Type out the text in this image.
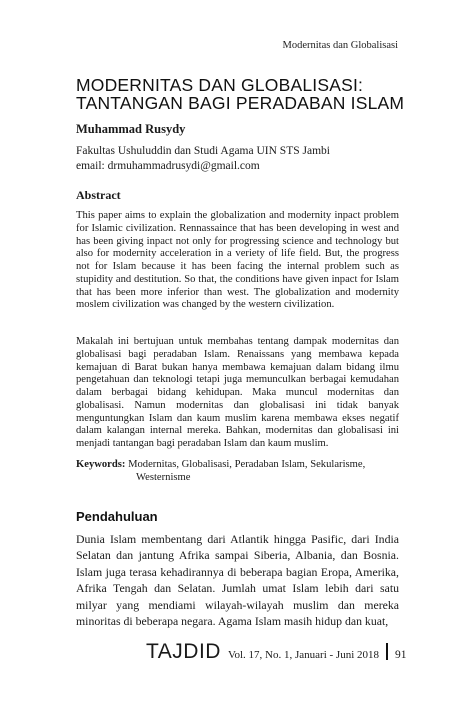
Modernitas dan Globalisasi
MODERNITAS DAN GLOBALISASI:
TANTANGAN BAGI PERADABAN ISLAM
Muhammad Rusydy
Fakultas Ushuluddin dan Studi Agama UIN STS Jambi
email: drmuhammadrusydi@gmail.com
Abstract

This paper aims to explain the globalization and modernity inpact problem for Islamic civilization. Rennassaince that has been developing in west and has been giving inpact not only for progressing science and technology but also for modernity acceleration in a veriety of life field. But, the progress not for Islam because it has been facing the internal problem such as stupidity and destitution. So that, the conditions have given inpact for Islam that has been more inferior than west. The globalization and modernity moslem civilization was changed by the western civilization.

Makalah ini bertujuan untuk membahas tentang dampak modernitas dan globalisasi bagi peradaban Islam. Renaissans yang membawa kepada kemajuan di Barat bukan hanya membawa kemajuan dalam bidang ilmu pengetahuan dan teknologi tetapi juga memunculkan berbagai kemudahan dalam berbagai bidang kehidupan. Maka muncul modernitas dan globalisasi. Namun modernitas dan globalisasi ini tidak banyak menguntungkan Islam dan kaum muslim karena membawa ekses negatif dalam kalangan internal mereka. Bahkan, modernitas dan globalisasi ini menjadi tantangan bagi peradaban Islam dan kaum muslim.

Keywords: Modernitas, Globalisasi, Peradaban Islam, Sekularisme,
Westernisme
Pendahuluan

Dunia Islam membentang dari Atlantik hingga Pasific, dari India Selatan dan jantung Afrika sampai Siberia, Albania, dan Bosnia. Islam juga terasa kehadirannya di beberapa bagian Eropa, Amerika, Afrika Tengah dan Selatan. Jumlah umat Islam lebih dari satu milyar yang mendiami wilayah-wilayah muslim dan mereka minoritas di beberapa negara. Agama Islam masih hidup dan kuat,

TAJDID Vol. 17, No. 1, Januari - Juni 2018 91
